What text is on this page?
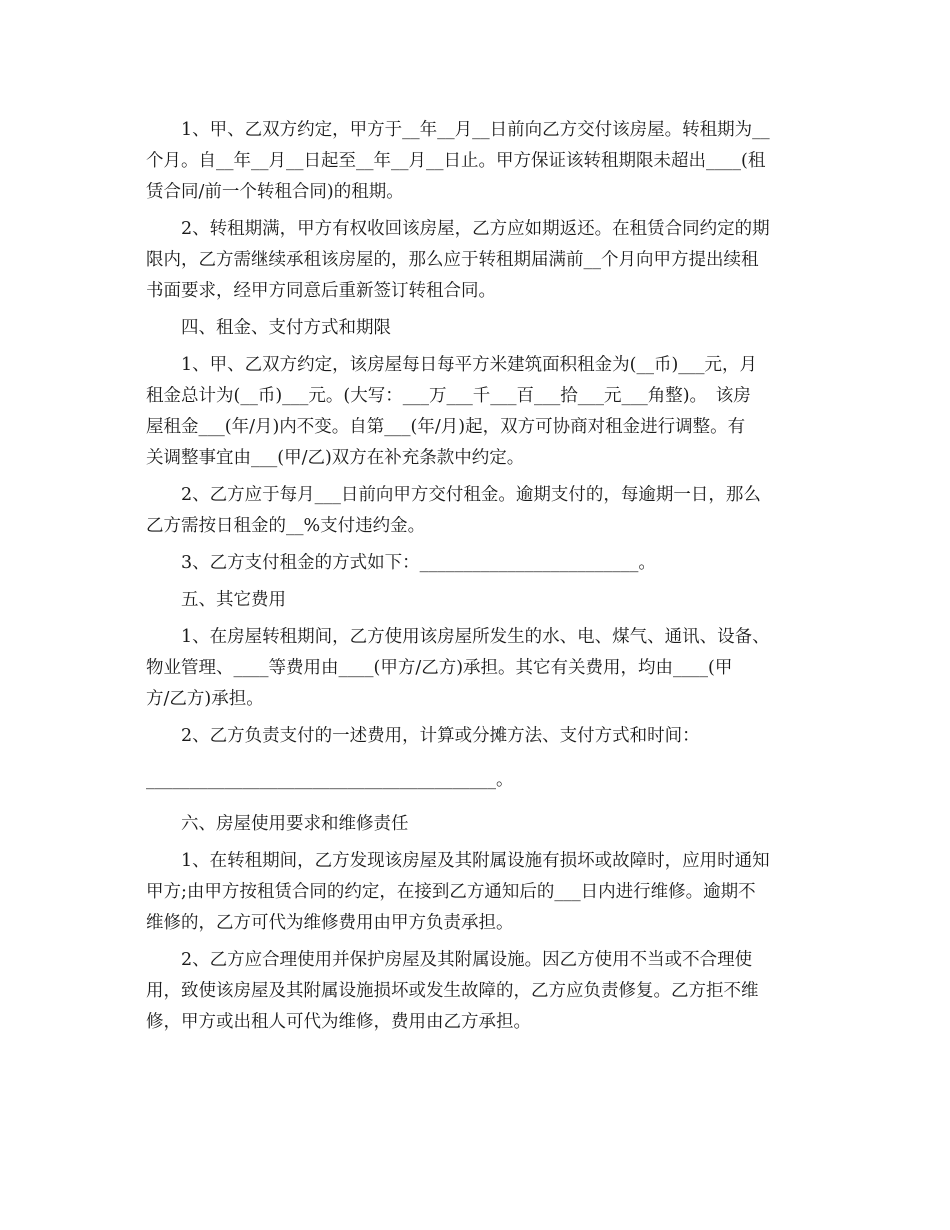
　　1、甲、乙双方约定，甲方于__年__月__日前向乙方交付该房屋。转租期为__
个月。自__年__月__日起至__年__月__日止。甲方保证该转租期限未超出____(租
赁合同/前一个转租合同)的租期。
　　2、转租期满，甲方有权收回该房屋，乙方应如期返还。在租赁合同约定的期
限内，乙方需继续承租该房屋的，那么应于转租期届满前__个月向甲方提出续租
书面要求，经甲方同意后重新签订转租合同。
　　四、租金、支付方式和期限
　　1、甲、乙双方约定，该房屋每日每平方米建筑面积租金为(__币)___元，月
租金总计为(__币)___元。(大写：___万___千___百___拾___元___角整)。　该房
屋租金___(年/月)内不变。自第___(年/月)起，双方可协商对租金进行调整。有
关调整事宜由___(甲/乙)双方在补充条款中约定。
　　2、乙方应于每月___日前向甲方交付租金。逾期支付的，每逾期一日，那么
乙方需按日租金的__%支付违约金。
　　3、乙方支付租金的方式如下：_________________________。
　　五、其它费用
　　1、在房屋转租期间，乙方使用该房屋所发生的水、电、煤气、通讯、设备、
物业管理、____等费用由____(甲方/乙方)承担。其它有关费用，均由____(甲
方/乙方)承担。
　　2、乙方负责支付的一述费用，计算或分摊方法、支付方式和时间：
________________________________________。
　　六、房屋使用要求和维修责任
　　1、在转租期间，乙方发现该房屋及其附属设施有损坏或故障时，应用时通知
甲方;由甲方按租赁合同的约定，在接到乙方通知后的___日内进行维修。逾期不
维修的，乙方可代为维修费用由甲方负责承担。
　　2、乙方应合理使用并保护房屋及其附属设施。因乙方使用不当或不合理使
用，致使该房屋及其附属设施损坏或发生故障的，乙方应负责修复。乙方拒不维
修，甲方或出租人可代为维修，费用由乙方承担。
